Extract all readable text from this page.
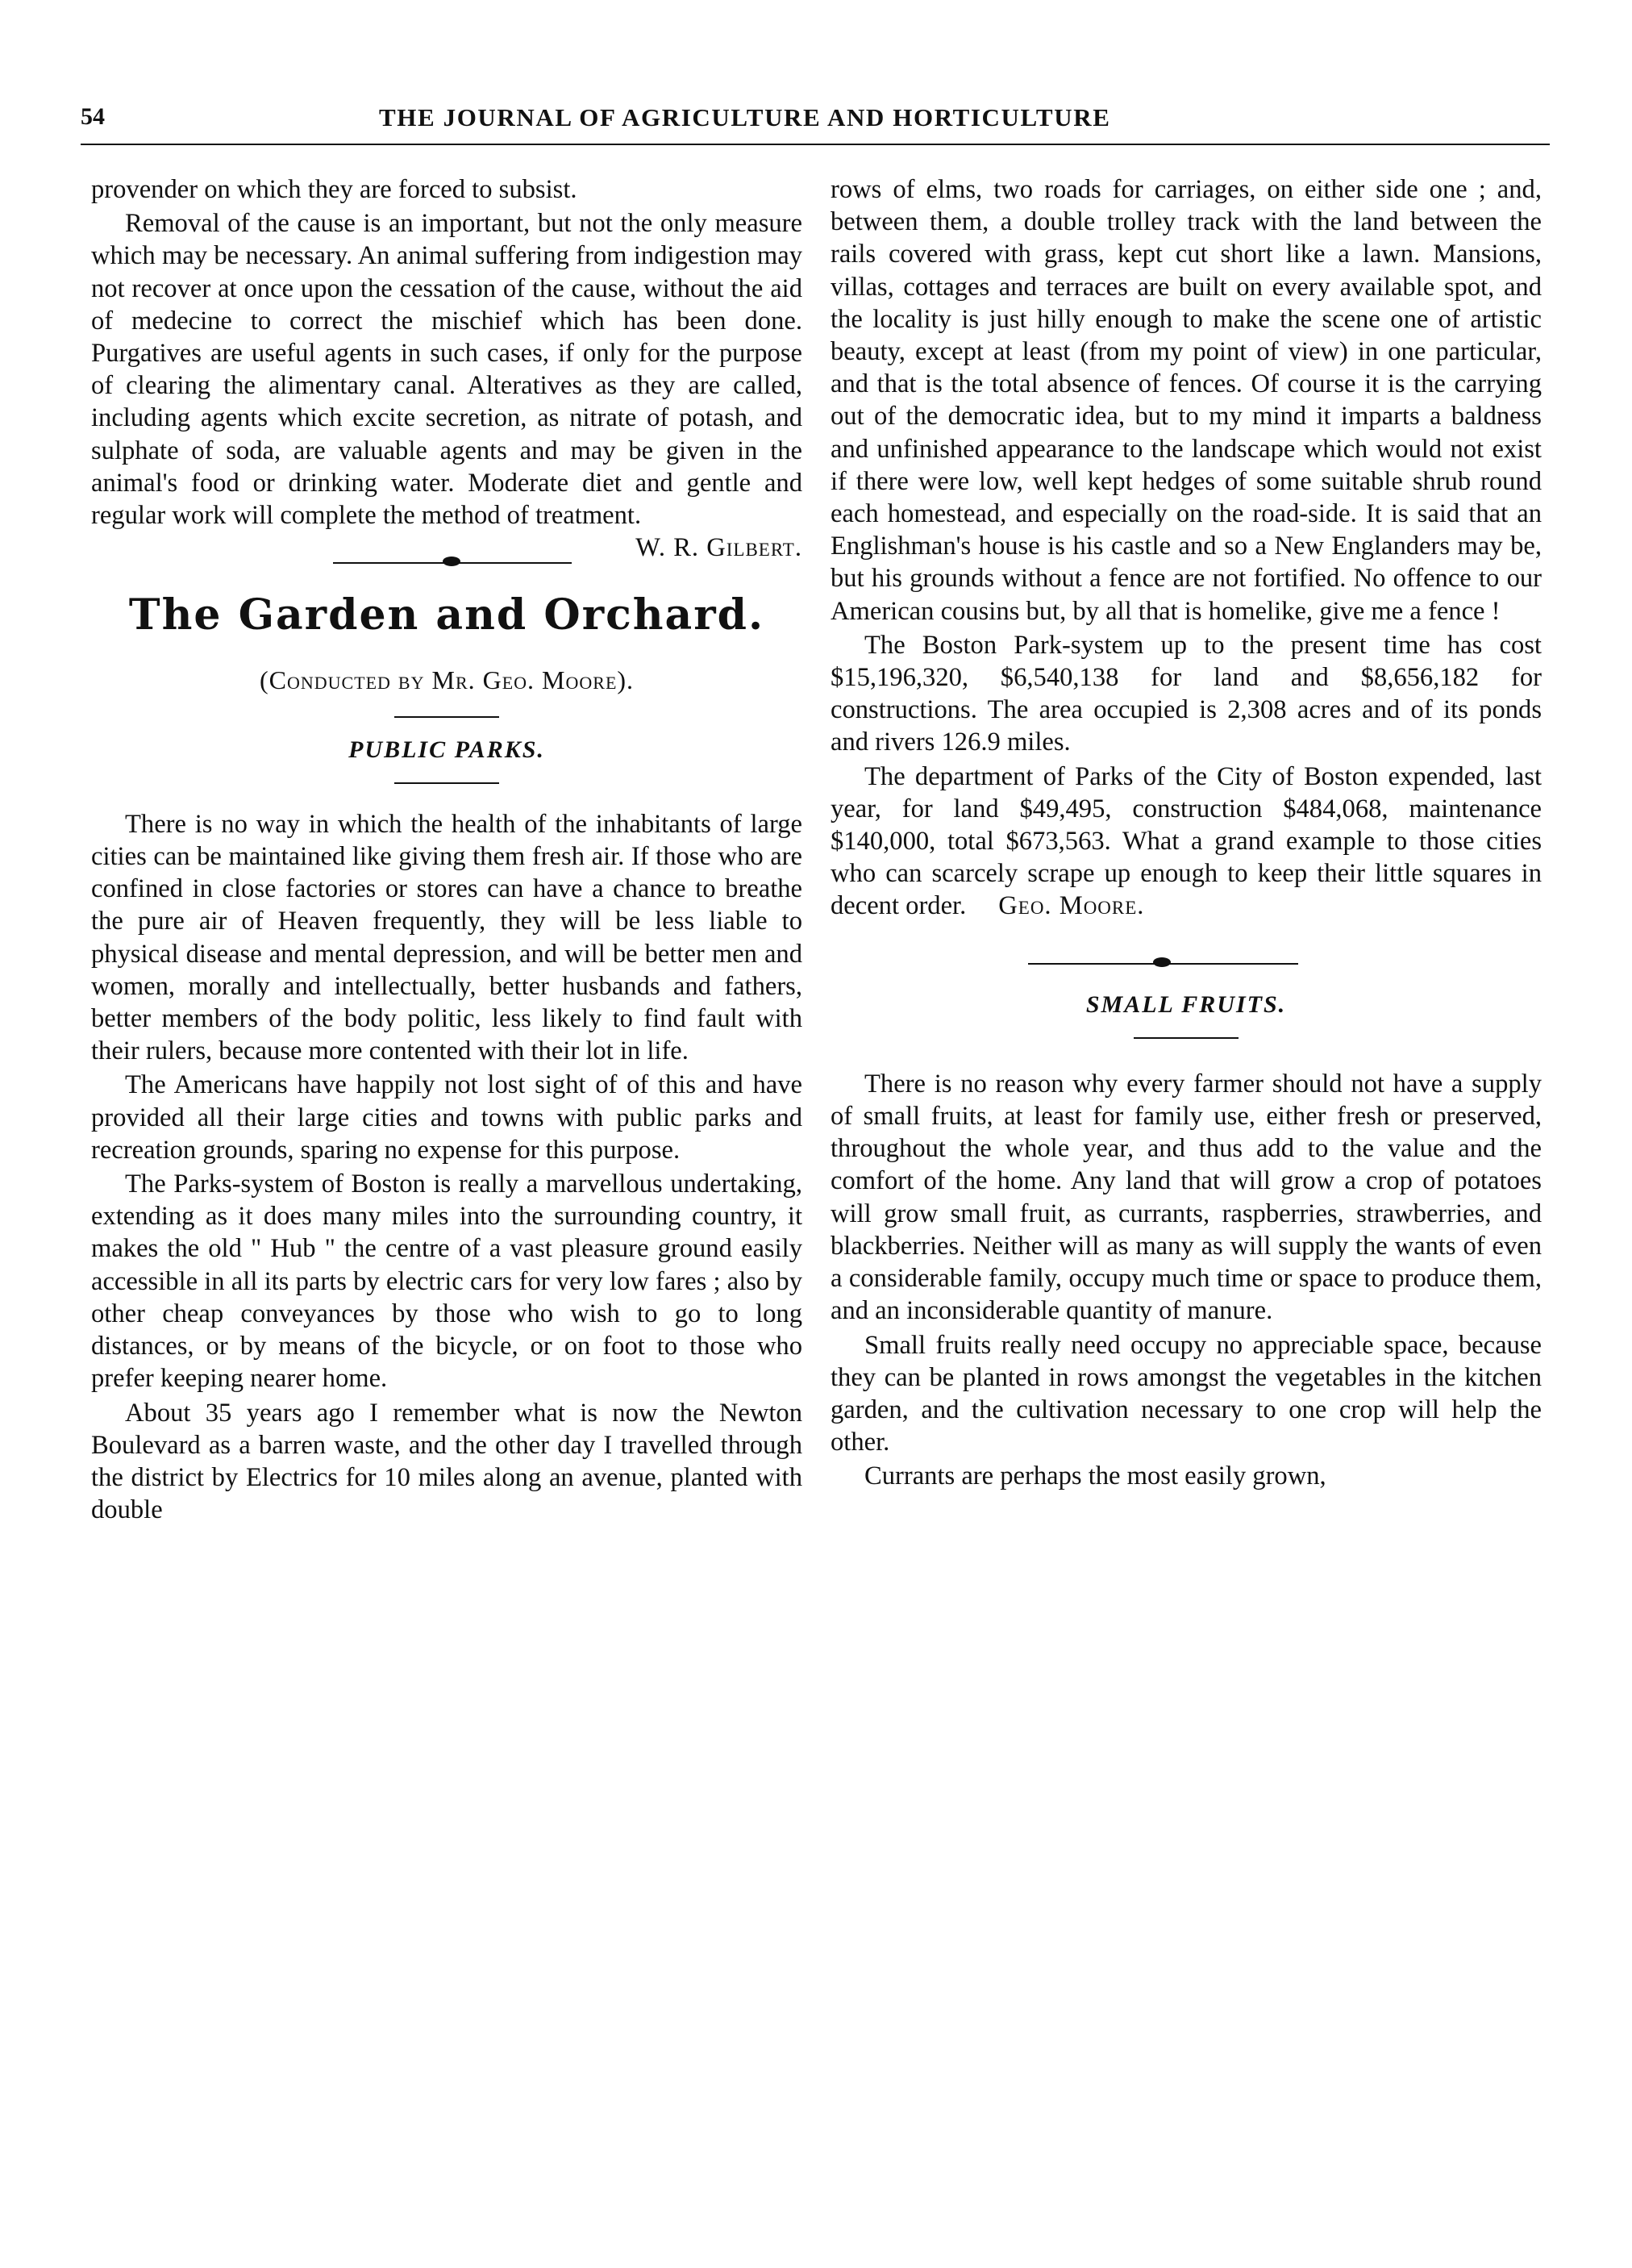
54	THE JOURNAL OF AGRICULTURE AND HORTICULTURE

provender on which they are forced to subsist.

Removal of the cause is an important, but not the only measure which may be necessary. An animal suffering from indigestion may not recover at once upon the cessation of the cause, without the aid of medecine to correct the mischief which has been done. Purgatives are useful agents in such cases, if only for the purpose of clearing the alimentary canal. Alteratives as they are called, including agents which excite secretion, as nitrate of potash, and sulphate of soda, are valuable agents and may be given in the animal's food or drinking water. Moderate diet and gentle and regular work will complete the method of treatment.
W. R. Gilbert.

The Garden and Orchard.
(Conducted by Mr. Geo. Moore).
PUBLIC PARKS.

There is no way in which the health of the inhabitants of large cities can be maintained like giving them fresh air. If those who are confined in close factories or stores can have a chance to breathe the pure air of Heaven frequently, they will be less liable to physical disease and mental depression, and will be better men and women, morally and intellectually, better husbands and fathers, better members of the body politic, less likely to find fault with their rulers, because more contented with their lot in life.

The Americans have happily not lost sight of of this and have provided all their large cities and towns with public parks and recreation grounds, sparing no expense for this purpose.

The Parks-system of Boston is really a marvellous undertaking, extending as it does many miles into the surrounding country, it makes the old " Hub " the centre of a vast pleasure ground easily accessible in all its parts by electric cars for very low fares ; also by other cheap conveyances by those who wish to go to long distances, or by means of the bicycle, or on foot to those who prefer keeping nearer home.

About 35 years ago I remember what is now the Newton Boulevard as a barren waste, and the other day I travelled through the district by Electrics for 10 miles along an avenue, planted with double

rows of elms, two roads for carriages, on either side one ; and, between them, a double trolley track with the land between the rails covered with grass, kept cut short like a lawn. Mansions, villas, cottages and terraces are built on every available spot, and the locality is just hilly enough to make the scene one of artistic beauty, except at least (from my point of view) in one particular, and that is the total absence of fences. Of course it is the carrying out of the democratic idea, but to my mind it imparts a baldness and unfinished appearance to the landscape which would not exist if there were low, well kept hedges of some suitable shrub round each homestead, and especially on the road-side. It is said that an Englishman's house is his castle and so a New Englanders may be, but his grounds without a fence are not fortified. No offence to our American cousins but, by all that is homelike, give me a fence !

The Boston Park-system up to the present time has cost $15,196,320, $6,540,138 for land and $8,656,182 for constructions. The area occupied is 2,308 acres and of its ponds and rivers 126.9 miles.

The department of Parks of the City of Boston expended, last year, for land $49,495, construction $484,068, maintenance $140,000, total $673,563. What a grand example to those cities who can scarcely scrape up enough to keep their little squares in decent order. Geo. Moore.

SMALL FRUITS.

There is no reason why every farmer should not have a supply of small fruits, at least for family use, either fresh or preserved, throughout the whole year, and thus add to the value and the comfort of the home. Any land that will grow a crop of potatoes will grow small fruit, as currants, raspberries, strawberries, and blackberries. Neither will as many as will supply the wants of even a considerable family, occupy much time or space to produce them, and an inconsiderable quantity of manure.

Small fruits really need occupy no appreciable space, because they can be planted in rows amongst the vegetables in the kitchen garden, and the cultivation necessary to one crop will help the other.

Currants are perhaps the most easily grown,
